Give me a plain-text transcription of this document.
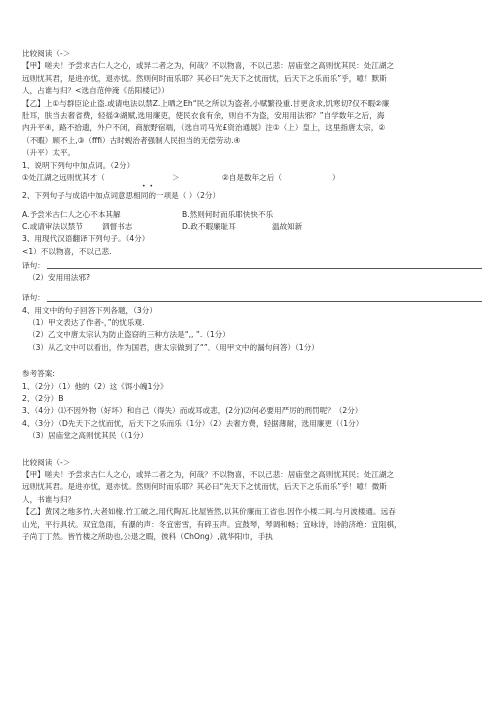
比较阅读（-＞
【甲】嗟夫！予尝求古仁人之心，或异二者之为，何哉？不以物喜，不以己悲：居庙堂之高则忧其民：处江湖之
远则忧其君，是进亦忧，退亦忧。然则何时而乐耶？其必曰“先天下之忧而忧，后天下之乐而乐”乎，噫！默斯
人，占谁与归？<选自范仲淹《岳阳楼记》）
【乙】上①与群臣论止盗.或请电法以禁Z.上晒之Eh“民之所以为盗者,小赋繁役重.甘更贪求,饥寒切?仅不暇②廉
肚耳，肤当去奢省费，轻徭③湖赋,选用廉吏，使民衣食有余，则自不为盗，安用用法邪？”自学数年之后，海
内升平④，路不拾遗，外户不闭，商旅野宿端，（选自司马光£资治通展》注①（上）皇上，这里指唐太宗，②
（不暇）顾不上,③（fffi）古时蚬治者强制人民担当的无偿劳动.④
（升平）太平。
1、说明下列句中加点词。（2分）
①处江湖之远则忧其才（	＞	②自是数年之后（	）
• •
2、下列句子与成语中加点词意思相同的一项是（ ）（2分）
A.予尝米古仁人之心不本其解	B.然则何时而乐耶快快不乐
C.或请审法以禁节	泗督书志	D.政不暇廉耻耳	温故知新
3、用现代汉语翻译下列句子。（4分）
<1）不以物喜，不以己悲.
译句：
（2）安用用法邪?
译句：
4、用文中的句子回答下列各题，（3分）
（1）甲文表达了作者-，”的忧乐观.
（2）乙文中唐太宗认为防止盗窃的三种方法是“,, ”.（1分）
（3）从乙文中可以看出，作为国君，唐太宗做到了“”．（用甲文中的漏句问答）（1分）
参考答案:
1、（2分）（1）他的（2）这《饵小魄1分》
2、（2分）B
3、（4分）⑴不因外物（好坏）和自己（得失）而或耳或悲，(2分)⑵何必要用严厉的刑罚呢？（2分）
4、（3分）（D先天下之忧而忧，后天下之乐而乐（1分）（2）去奢方费，轻据薄耐，选用廉更（（1分）
（3）居庙堂之高则忧其民（（1分）
比较阅读（-＞
【甲】嗟夫！予尝求古仁人之心，或异二者之为，何哉？不以物喜，不以己悲：居庙堂之高则忧其民；处江湖之
远则忧其君。是进亦忧，退亦忧。然则何时而乐耶？其必曰“先天下之忧而忧，后天下之乐而乐”乎！噫！微斯
人，书谁与归？
【乙】黄冈之地多竹,大者如椽.竹工破之,用代陶瓦.比屋皆然,以其价廉而工省也.因作小楼二间.与月波楼通。远吞
山光，平行具状。双宜急雨，有瀑的声：冬宜密雪，有碎玉声。宜鼓琴，琴调和畅；宜咏诗，诗韵济绝：宜阻棋，
子尚丁丁然。皆竹楼之所助也,公退之暇，彼科（ChOng）,就华阳巾，手执
